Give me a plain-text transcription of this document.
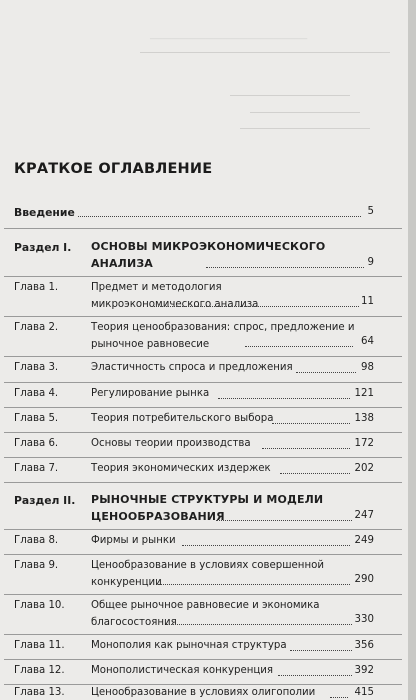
_____________________________________
КРАТКОЕ ОГЛАВЛЕНИЕ
Введение	5
Раздел I. ОСНОВЫ МИКРОЭКОНОМИЧЕСКОГО АНАЛИЗА	9
Глава 1.	Предмет и методология микроэкономического анализа	11
Глава 2.	Теория ценообразования: спрос, предложение и рыночное равновесие	64
Глава 3.	Эластичность спроса и предложения	98
Глава 4.	Регулирование рынка	121
Глава 5.	Теория потребительского выбора	138
Глава 6.	Основы теории производства	172
Глава 7.	Теория экономических издержек	202
Раздел II. РЫНОЧНЫЕ СТРУКТУРЫ И МОДЕЛИ ЦЕНООБРАЗОВАНИЯ	247
Глава 8.	Фирмы и рынки	249
Глава 9.	Ценообразование в условиях совершенной конкуренции	290
Глава 10.	Общее рыночное равновесие и экономика благосостояния	330
Глава 11.	Монополия как рыночная структура	356
Глава 12.	Монополистическая конкуренция	392
Глава 13.	Ценообразование в условиях олигополии	415
